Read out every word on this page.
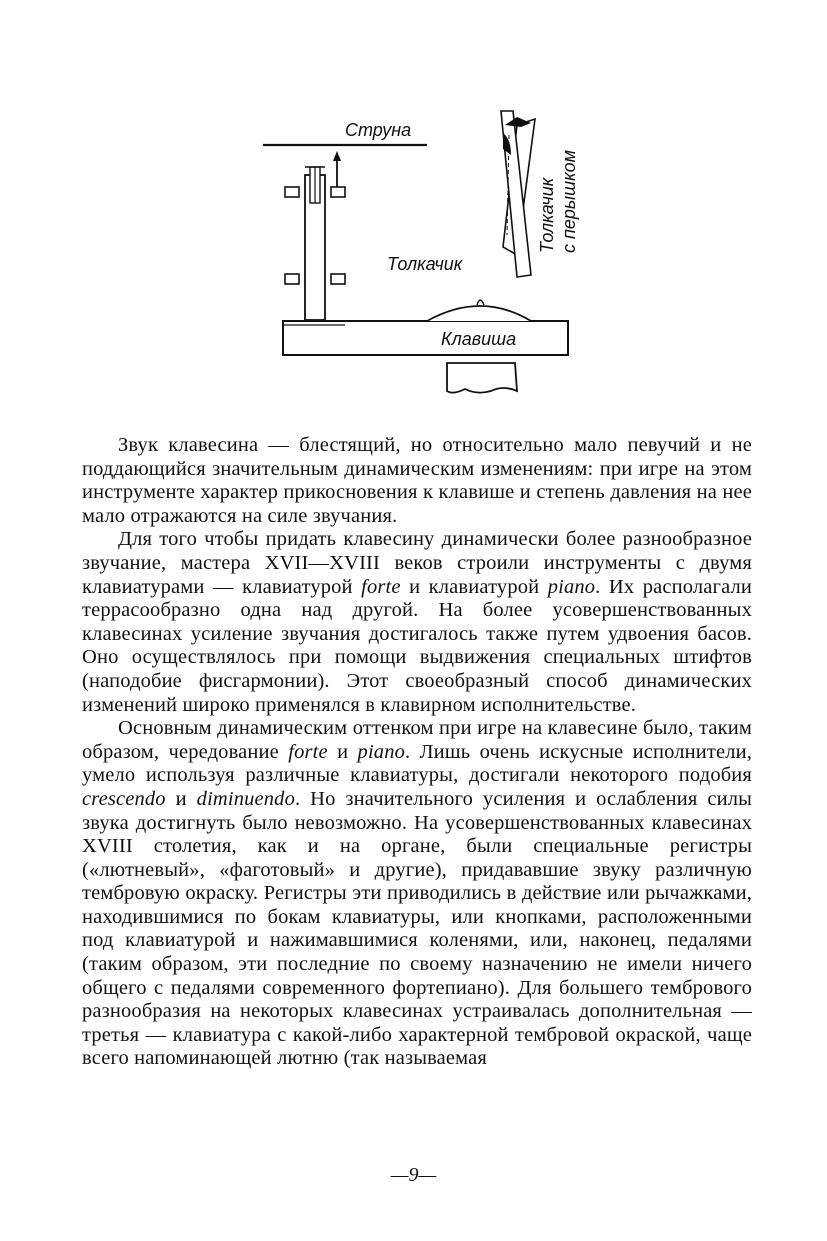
Струна
Толкачик
Клавиша
Толкачик с перышком

Звук клавесина — блестящий, но относительно мало певучий и не поддающийся значительным динамическим изменениям: при игре на этом инструменте характер прикосновения к клавише и степень давления на нее мало отражаются на силе звучания.

Для того чтобы придать клавесину динамически более разнообразное звучание, мастера XVII—XVIII веков строили инструменты с двумя клавиатурами — клавиатурой forte и клавиатурой piano. Их располагали террасообразно одна над другой. На более усовершенствованных клавесинах усиление звучания достигалось также путем удвоения басов. Оно осуществлялось при помощи выдвижения специальных штифтов (наподобие фисгармонии). Этот своеобразный способ динамических изменений широко применялся в клавирном исполнительстве.

Основным динамическим оттенком при игре на клавесине было, таким образом, чередование forte и piano. Лишь очень искусные исполнители, умело используя различные клавиатуры, достигали некоторого подобия crescendo и diminuendo. Но значительного усиления и ослабления силы звука достигнуть было невозможно. На усовершенствованных клавесинах XVIII столетия, как и на органе, были специальные регистры («лютневый», «фаготовый» и другие), придававшие звуку различную тембровую окраску. Регистры эти приводились в действие или рычажками, находившимися по бокам клавиатуры, или кнопками, расположенными под клавиатурой и нажимавшимися коленями, или, наконец, педалями (таким образом, эти последние по своему назначению не имели ничего общего с педалями современного фортепиано). Для большего тембрового разнообразия на некоторых клавесинах устраивалась дополнительная — третья — клавиатура с какой-либо характерной тембровой окраской, чаще всего напоминающей лютню (так называемая

—9—
